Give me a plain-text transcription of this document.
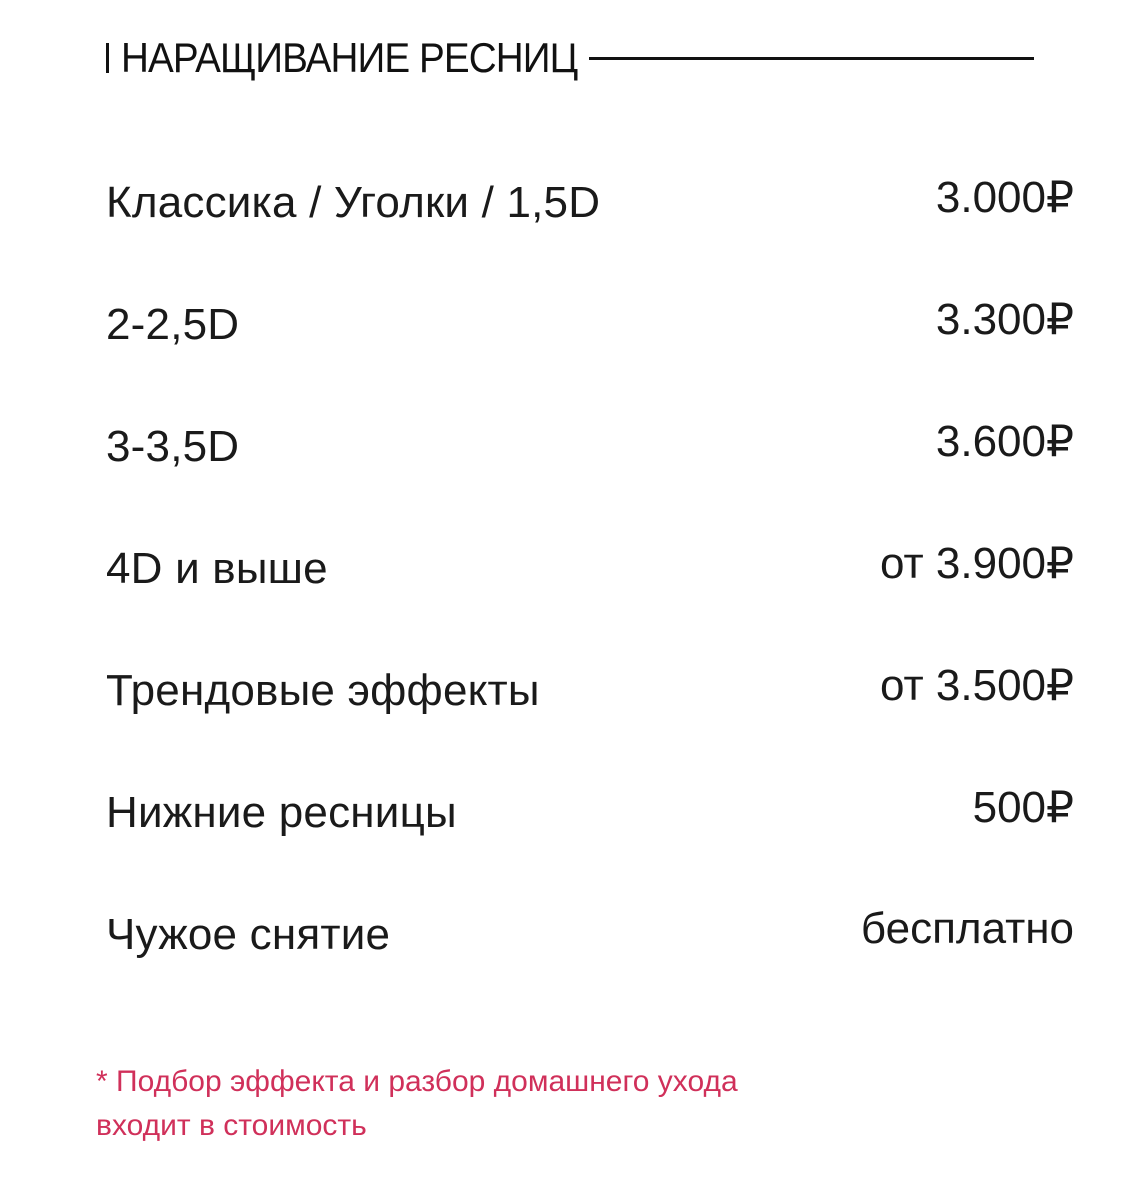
НАРАЩИВАНИЕ РЕСНИЦ
Классика / Уголки / 1,5D	3.000₽
2-2,5D	3.300₽
3-3,5D	3.600₽
4D и выше	от 3.900₽
Трендовые эффекты	от 3.500₽
Нижние ресницы	500₽
Чужое снятие	бесплатно
* Подбор эффекта и разбор домашнего ухода
входит в стоимость
